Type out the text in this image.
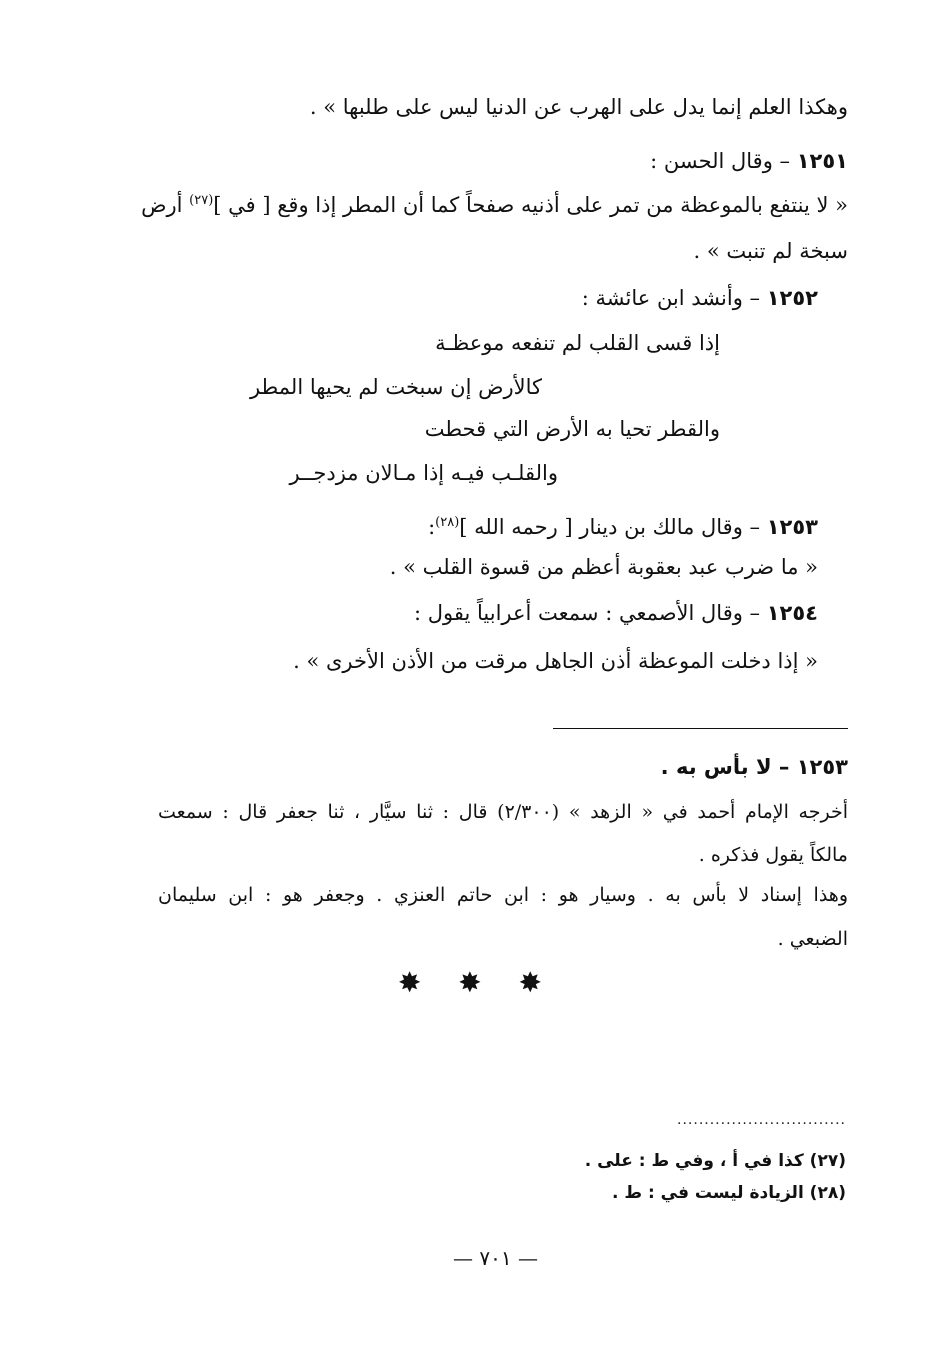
وهكذا العلم إنما يدل على الهرب عن الدنيا ليس على طلبها » .
١٢٥١ – وقال الحسن :
« لا ينتفع بالموعظة من تمر على أذنيه صفحاً كما أن المطر إذا وقع [ في ]$^{(٢٧)}$ أرض
سبخة لم تنبت » .
١٢٥٢ – وأنشد ابن عائشة :
إذا قسى القلب لم تنفعه موعظـة
كالأرض إن سبخت لم يحيها المطر
والقطر تحيا به الأرض التي قحطت
والقلـب فيـه إذا مـالان مزدجــر
١٢٥٣ – وقال مالك بن دينار [ رحمه الله ]$^{(٢٨)}$:
« ما ضرب عبد بعقوبة أعظم من قسوة القلب » .
١٢٥٤ – وقال الأصمعي : سمعت أعرابياً يقول :
« إذا دخلت الموعظة أذن الجاهل مرقت من الأذن الأخرى » .
١٢٥٣ – لا بأس به .
أخرجه الإمام أحمد في « الزهد » (٢/٣٠٠) قال : ثنا سيَّار ، ثنا جعفر قال : سمعت
مالكاً يقول فذكره .
وهذا إسناد لا بأس به . وسيار هو : ابن حاتم العنزي . وجعفر هو : ابن سليمان
الضبعي .
✸ ✸ ✸
...............................
(٢٧) كذا في أ ، وفي ط : على .
(٢٨) الزيادة ليست في : ط .
— ٧٠١ —
